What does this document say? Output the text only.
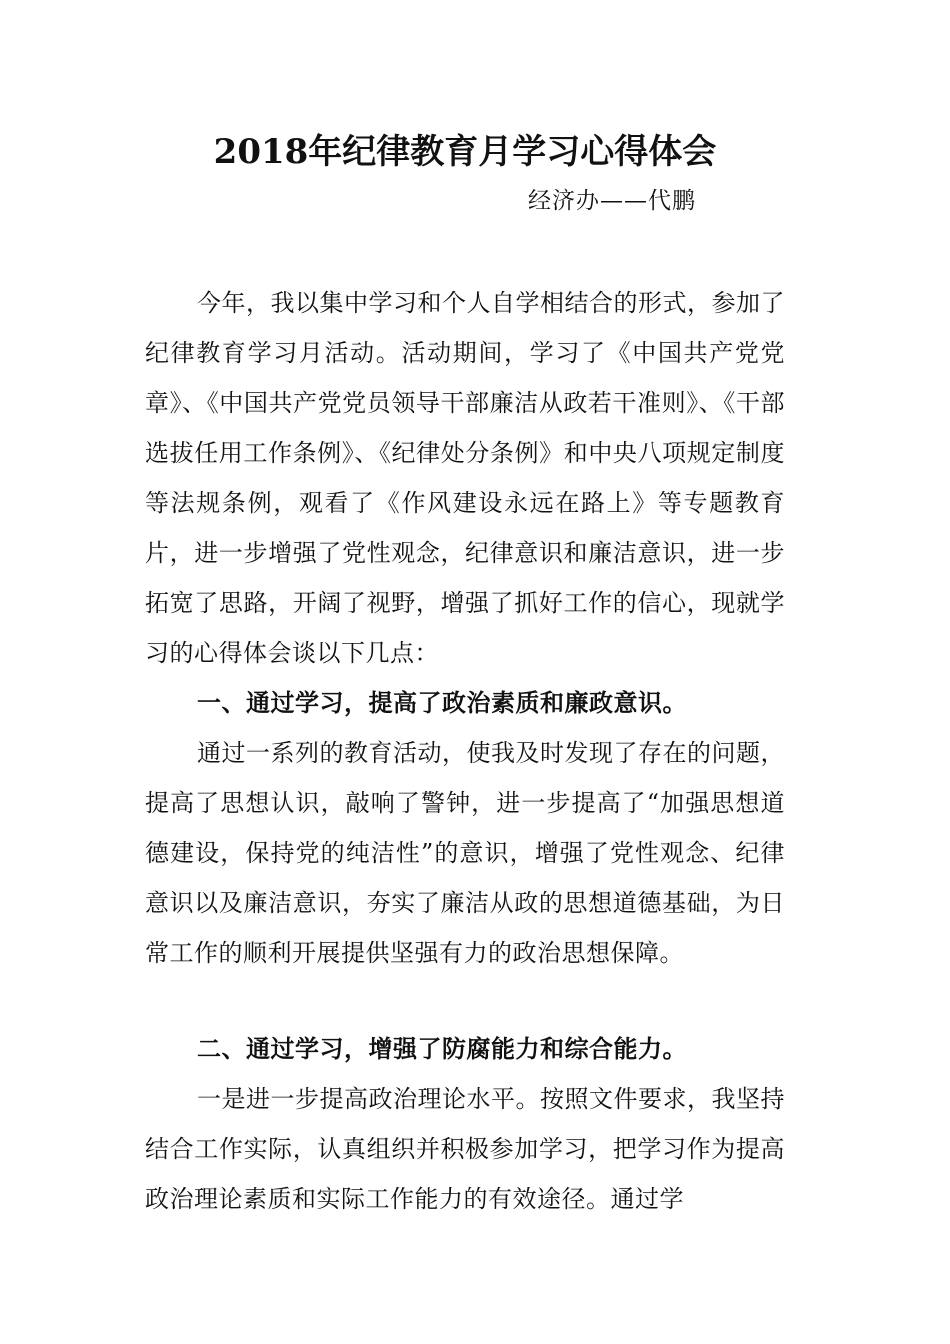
2018年纪律教育月学习心得体会

经济办——代鹏

今年，我以集中学习和个人自学相结合的形式，参加了纪律教育学习月活动。活动期间，学习了《中国共产党党章》、《中国共产党党员领导干部廉洁从政若干准则》、《干部选拔任用工作条例》、《纪律处分条例》和中央八项规定制度等法规条例，观看了《作风建设永远在路上》等专题教育片，进一步增强了党性观念，纪律意识和廉洁意识，进一步拓宽了思路，开阔了视野，增强了抓好工作的信心，现就学习的心得体会谈以下几点：

一、通过学习，提高了政治素质和廉政意识。

通过一系列的教育活动，使我及时发现了存在的问题，提高了思想认识，敲响了警钟，进一步提高了“加强思想道德建设，保持党的纯洁性”的意识，增强了党性观念、纪律意识以及廉洁意识，夯实了廉洁从政的思想道德基础，为日常工作的顺利开展提供坚强有力的政治思想保障。

二、通过学习，增强了防腐能力和综合能力。

一是进一步提高政治理论水平。按照文件要求，我坚持结合工作实际，认真组织并积极参加学习，把学习作为提高政治理论素质和实际工作能力的有效途径。通过学
